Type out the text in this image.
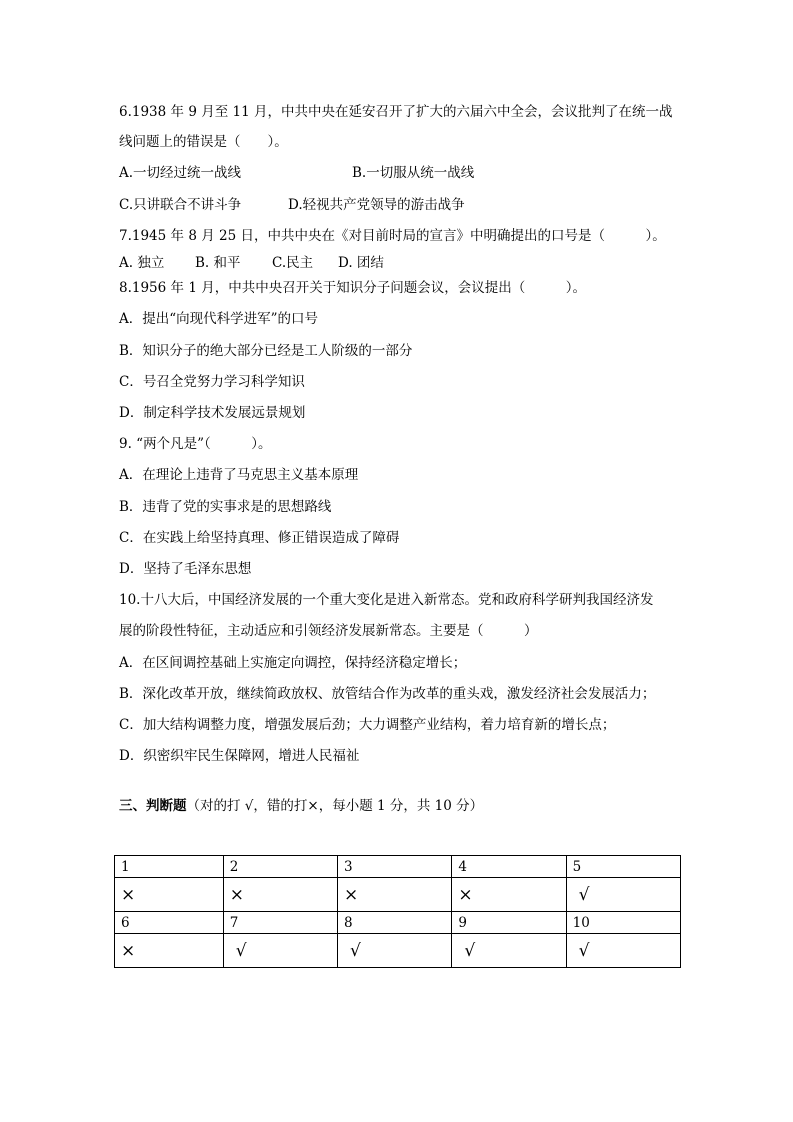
6.1938 年 9 月至 11 月，中共中央在延安召开了扩大的六届六中全会，会议批判了在统一战
线问题上的错误是（　　）。
A.一切经过统一战线	B.一切服从统一战线
C.只讲联合不讲斗争	D.轻视共产党领导的游击战争
7.1945 年 8 月 25 日，中共中央在《对目前时局的宣言》中明确提出的口号是（　　　）。
A. 独立 B. 和平 C.民主 D. 团结
8.1956 年 1 月，中共中央召开关于知识分子问题会议，会议提出（　　　）。
A．提出“向现代科学进军”的口号
B．知识分子的绝大部分已经是工人阶级的一部分
C．号召全党努力学习科学知识
D．制定科学技术发展远景规划
9. “两个凡是”（　　　）。
A．在理论上违背了马克思主义基本原理
B．违背了党的实事求是的思想路线
C．在实践上给坚持真理、修正错误造成了障碍
D．坚持了毛泽东思想
10.十八大后，中国经济发展的一个重大变化是进入新常态。党和政府科学研判我国经济发
展的阶段性特征，主动适应和引领经济发展新常态。主要是（　　　）
A．在区间调控基础上实施定向调控，保持经济稳定增长；
B．深化改革开放，继续简政放权、放管结合作为改革的重头戏，激发经济社会发展活力；
C．加大结构调整力度，增强发展后劲；大力调整产业结构，着力培育新的增长点；
D．织密织牢民生保障网，增进人民福祉
三、判断题（对的打 √，错的打×，每小题 1 分，共 10 分）
1	2	3	4	5
×	×	×	×	√
6	7	8	9	10
×	√	√	√	√
